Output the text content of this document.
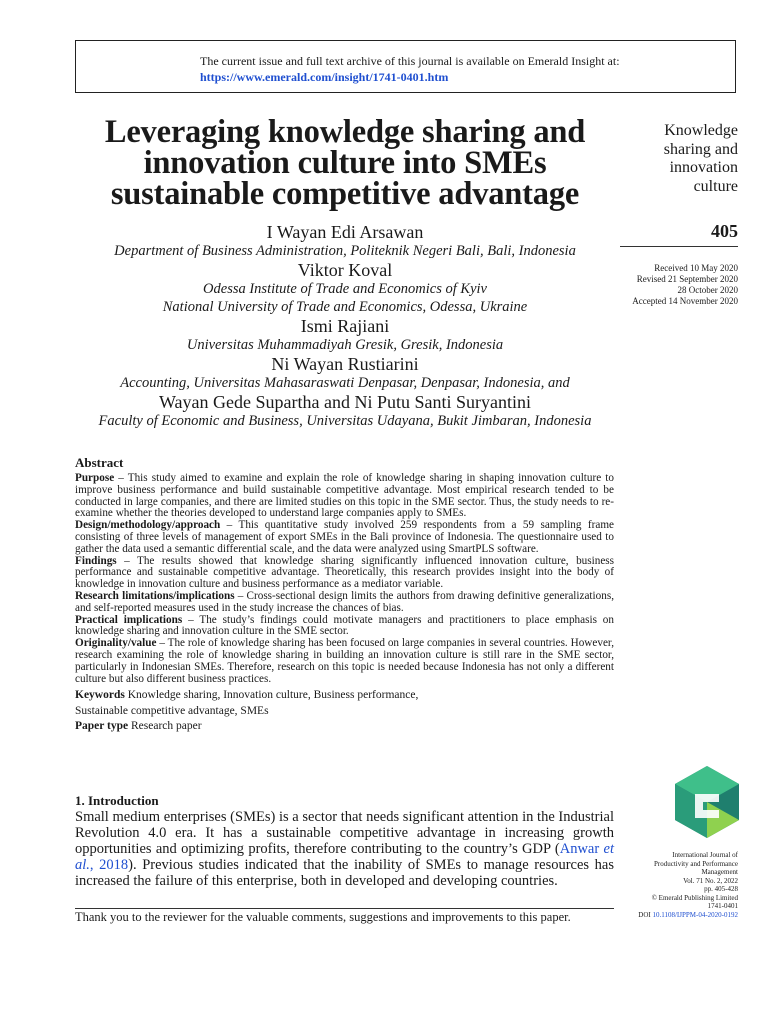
The current issue and full text archive of this journal is available on Emerald Insight at:
https://www.emerald.com/insight/1741-0401.htm
Leveraging knowledge sharing and innovation culture into SMEs sustainable competitive advantage
I Wayan Edi Arsawan
Department of Business Administration, Politeknik Negeri Bali, Bali, Indonesia
Viktor Koval
Odessa Institute of Trade and Economics of Kyiv
National University of Trade and Economics, Odessa, Ukraine
Ismi Rajiani
Universitas Muhammadiyah Gresik, Gresik, Indonesia
Ni Wayan Rustiarini
Accounting, Universitas Mahasaraswati Denpasar, Denpasar, Indonesia, and
Wayan Gede Supartha and Ni Putu Santi Suryantini
Faculty of Economic and Business, Universitas Udayana, Bukit Jimbaran, Indonesia
Knowledge
sharing and
innovation
culture
405
Received 10 May 2020
Revised 21 September 2020
28 October 2020
Accepted 14 November 2020
Abstract
Purpose – This study aimed to examine and explain the role of knowledge sharing in shaping innovation culture to improve business performance and build sustainable competitive advantage. Most empirical research tended to be conducted in large companies, and there are limited studies on this topic in the SME sector. Thus, the study needs to re-examine whether the theories developed to understand large companies apply to SMEs.
Design/methodology/approach – This quantitative study involved 259 respondents from a 59 sampling frame consisting of three levels of management of export SMEs in the Bali province of Indonesia. The questionnaire used to gather the data used a semantic differential scale, and the data were analyzed using SmartPLS software.
Findings – The results showed that knowledge sharing significantly influenced innovation culture, business performance and sustainable competitive advantage. Theoretically, this research provides insight into the body of knowledge in innovation culture and business performance as a mediator variable.
Research limitations/implications – Cross-sectional design limits the authors from drawing definitive generalizations, and self-reported measures used in the study increase the chances of bias.
Practical implications – The study’s findings could motivate managers and practitioners to place emphasis on knowledge sharing and innovation culture in the SME sector.
Originality/value – The role of knowledge sharing has been focused on large companies in several countries. However, research examining the role of knowledge sharing in building an innovation culture is still rare in the SME sector, particularly in Indonesian SMEs. Therefore, research on this topic is needed because Indonesia has not only a different culture but also different business practices.
Keywords Knowledge sharing, Innovation culture, Business performance,
Sustainable competitive advantage, SMEs
Paper type Research paper
1. Introduction

Small medium enterprises (SMEs) is a sector that needs significant attention in the Industrial Revolution 4.0 era. It has a sustainable competitive advantage in increasing growth opportunities and optimizing profits, therefore contributing to the country’s GDP (Anwar et al., 2018). Previous studies indicated that the inability of SMEs to manage resources has increased the failure of this enterprise, both in developed and developing countries.

Thank you to the reviewer for the valuable comments, suggestions and improvements to this paper.
International Journal of
Productivity and Performance
Management
Vol. 71 No. 2, 2022
pp. 405-428
© Emerald Publishing Limited
1741-0401
DOI 10.1108/IJPPM-04-2020-0192
